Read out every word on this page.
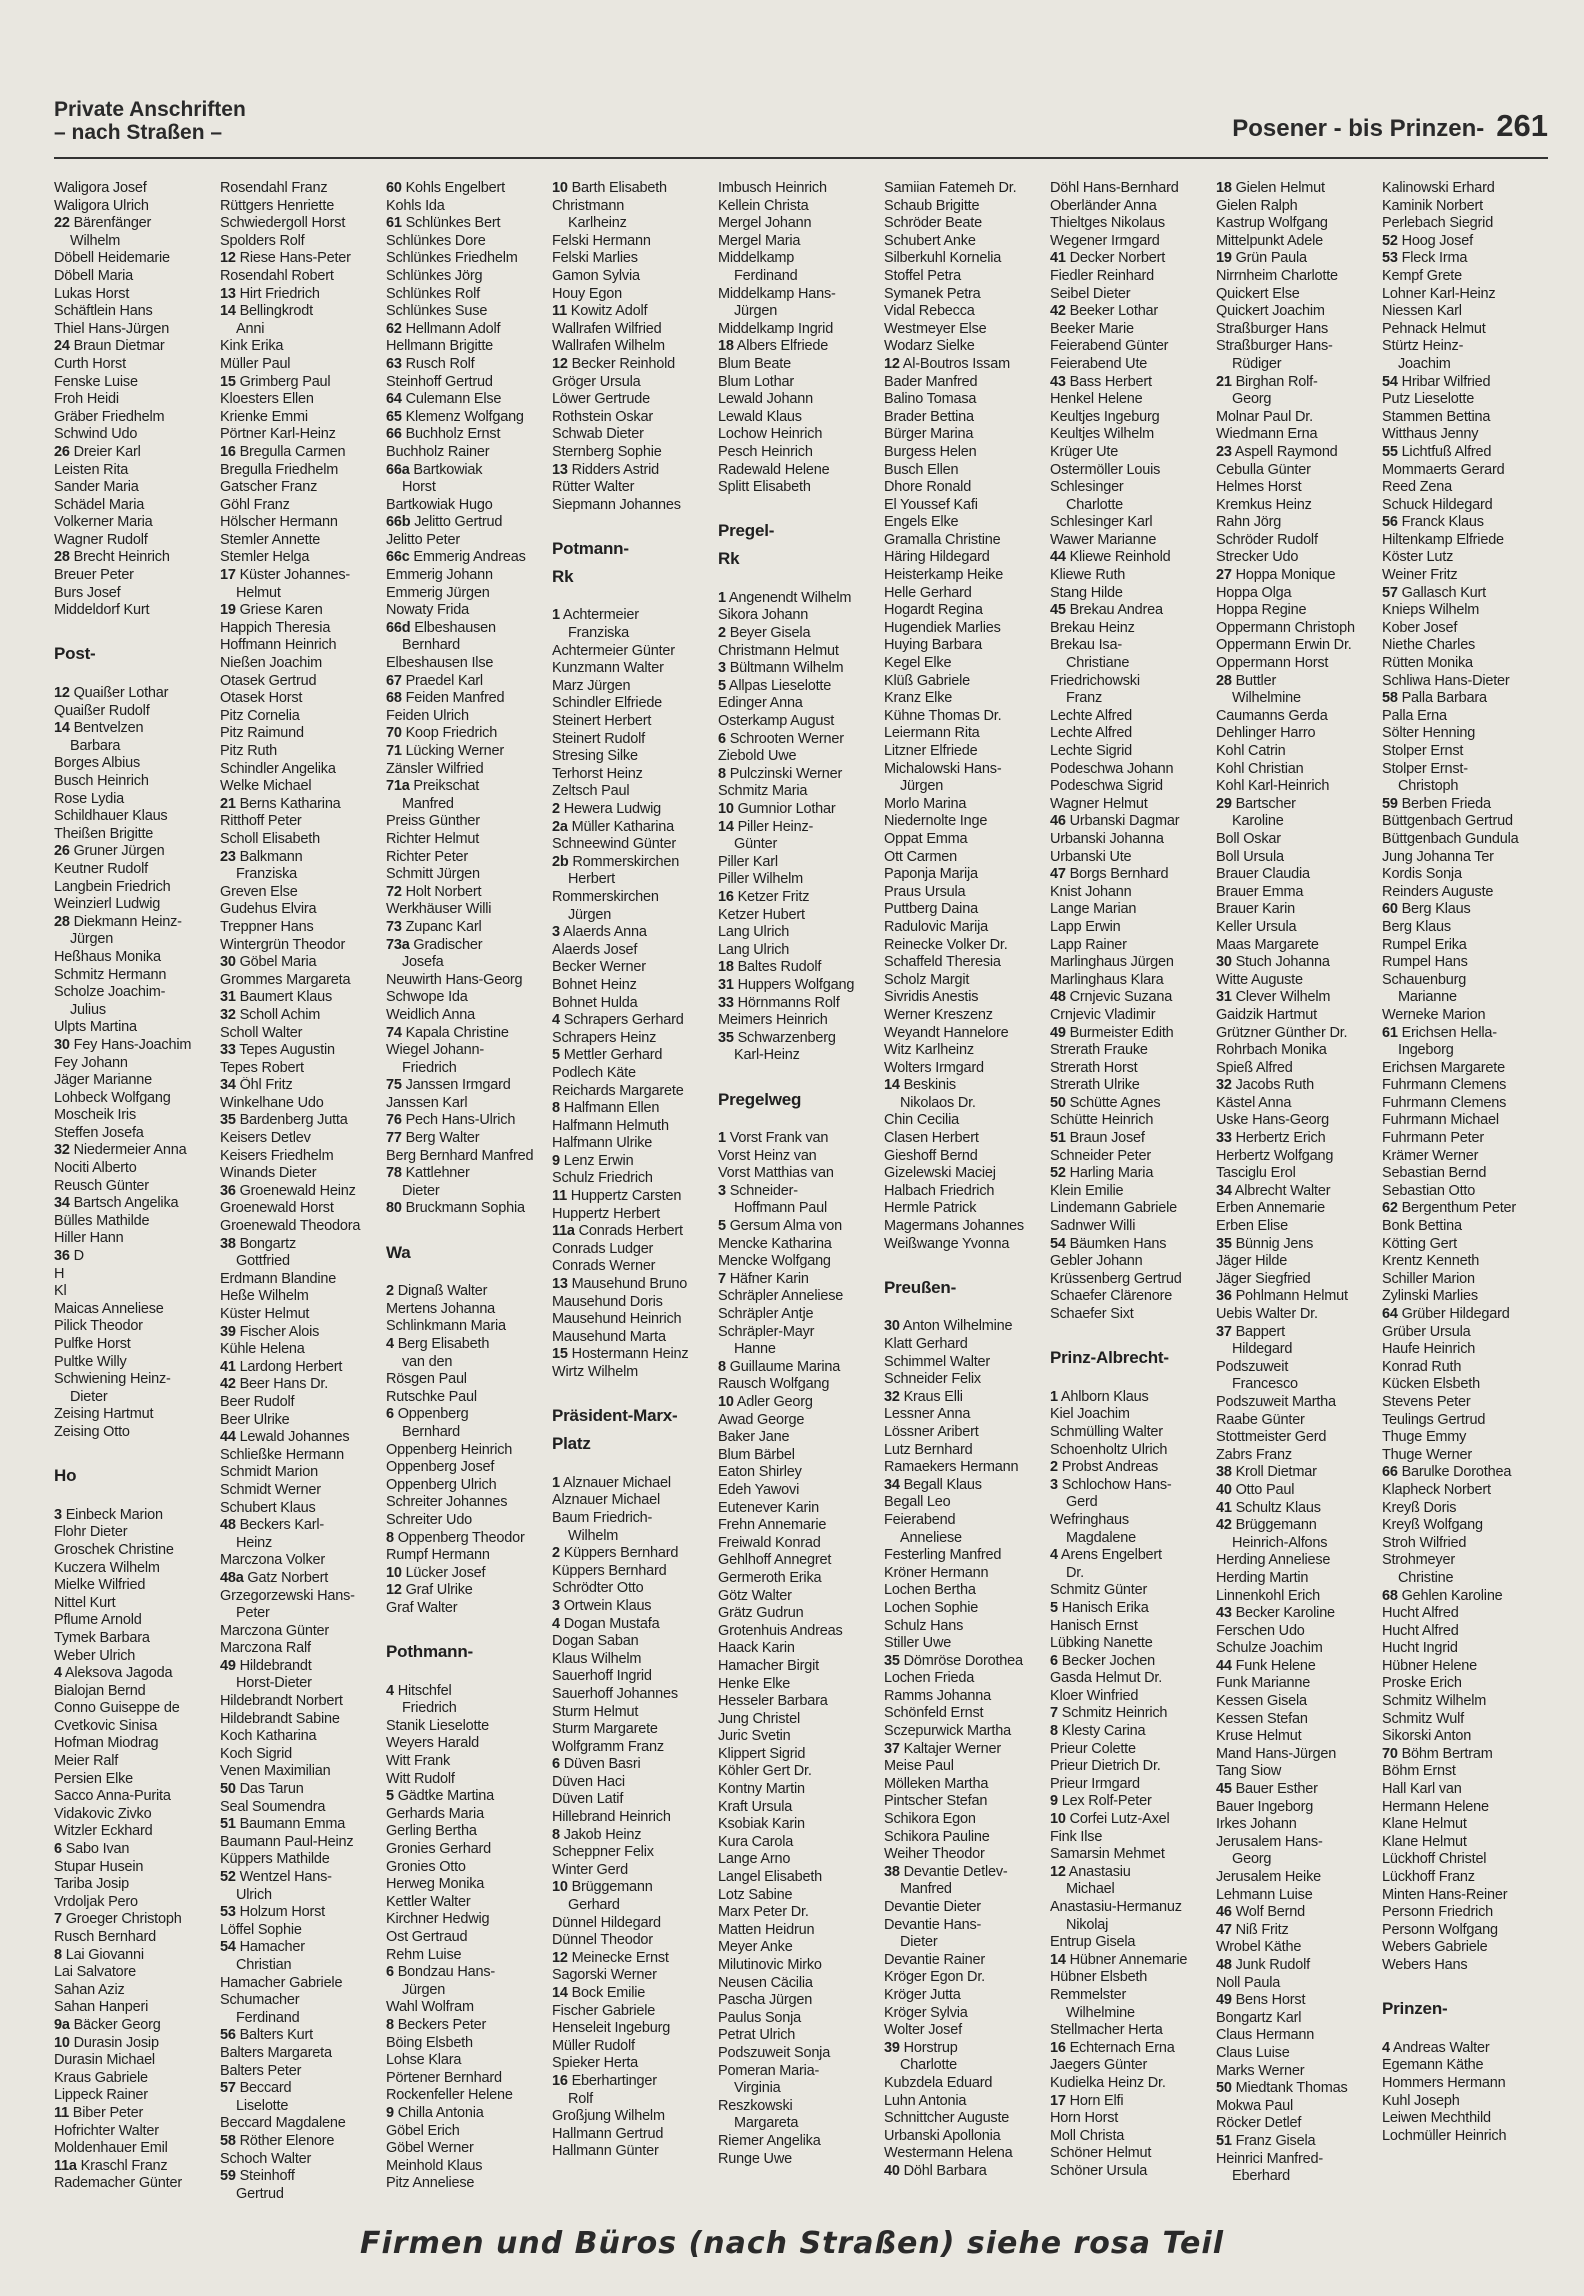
Private Anschriften
– nach Straßen –	Posener - bis Prinzen- 261
Waligora Josef
Waligora Ulrich
22 Bärenfänger
Wilhelm
Döbell Heidemarie
Döbell Maria
Lukas Horst
Schäftlein Hans
Thiel Hans-Jürgen
24 Braun Dietmar
Curth Horst
Fenske Luise
Froh Heidi
Gräber Friedhelm
Schwind Udo
26 Dreier Karl
Leisten Rita
Sander Maria
Schädel Maria
Volkerner Maria
Wagner Rudolf
28 Brecht Heinrich
Breuer Peter
Burs Josef
Middeldorf Kurt
Post-
12 Quaißer Lothar
Quaißer Rudolf
14 Bentvelzen
Barbara
Borges Albius
Busch Heinrich
Rose Lydia
Schildhauer Klaus
Theißen Brigitte
26 Gruner Jürgen
Keutner Rudolf
Langbein Friedrich
Weinzierl Ludwig
28 Diekmann Heinz-
Jürgen
Heßhaus Monika
Schmitz Hermann
Scholze Joachim-
Julius
Ulpts Martina
30 Fey Hans-Joachim
Fey Johann
Jäger Marianne
Lohbeck Wolfgang
Moscheik Iris
Steffen Josefa
32 Niedermeier Anna
Nociti Alberto
Reusch Günter
34 Bartsch Angelika
Bülles Mathilde
Hiller Hann
36 D
H
Kl
Maicas Anneliese
Pilick Theodor
Pulfke Horst
Pultke Willy
Schwiening Heinz-
Dieter
Zeising Hartmut
Zeising Otto
Ho
3 Einbeck Marion
Flohr Dieter
Groschek Christine
Kuczera Wilhelm
Mielke Wilfried
Nittel Kurt
Pflume Arnold
Tymek Barbara
Weber Ulrich
4 Aleksova Jagoda
Bialojan Bernd
Conno Guiseppe de
Cvetkovic Sinisa
Hofman Miodrag
Meier Ralf
Persien Elke
Sacco Anna-Purita
Vidakovic Zivko
Witzler Eckhard
6 Sabo Ivan
Stupar Husein
Tariba Josip
Vrdoljak Pero
7 Groeger Christoph
Rusch Bernhard
8 Lai Giovanni
Lai Salvatore
Sahan Aziz
Sahan Hanperi
9a Bäcker Georg
10 Durasin Josip
Durasin Michael
Kraus Gabriele
Lippeck Rainer
11 Biber Peter
Hofrichter Walter
Moldenhauer Emil
11a Kraschl Franz
Rademacher Günter
Rosendahl Franz
Rüttgers Henriette
Schwiedergoll Horst
Spolders Rolf
12 Riese Hans-Peter
Rosendahl Robert
13 Hirt Friedrich
14 Bellingkrodt
Anni
Kink Erika
Müller Paul
15 Grimberg Paul
Kloesters Ellen
Krienke Emmi
Pörtner Karl-Heinz
16 Bregulla Carmen
Bregulla Friedhelm
Gatscher Franz
Göhl Franz
Hölscher Hermann
Stemler Annette
Stemler Helga
17 Küster Johannes-
Helmut
19 Griese Karen
Happich Theresia
Hoffmann Heinrich
Nießen Joachim
Otasek Gertrud
Otasek Horst
Pitz Cornelia
Pitz Raimund
Pitz Ruth
Schindler Angelika
Welke Michael
21 Berns Katharina
Ritthoff Peter
Scholl Elisabeth
23 Balkmann
Franziska
Greven Else
Gudehus Elvira
Treppner Hans
Wintergrün Theodor
30 Göbel Maria
Grommes Margareta
31 Baumert Klaus
32 Scholl Achim
Scholl Walter
33 Tepes Augustin
Tepes Robert
34 Öhl Fritz
Winkelhane Udo
35 Bardenberg Jutta
Keisers Detlev
Keisers Friedhelm
Winands Dieter
36 Groenewald Heinz
Groenewald Horst
Groenewald Theodora
38 Bongartz
Gottfried
Erdmann Blandine
Heße Wilhelm
Küster Helmut
39 Fischer Alois
Kühle Helena
41 Lardong Herbert
42 Beer Hans Dr.
Beer Rudolf
Beer Ulrike
44 Lewald Johannes
Schließke Hermann
Schmidt Marion
Schmidt Werner
Schubert Klaus
48 Beckers Karl-
Heinz
Marczona Volker
48a Gatz Norbert
Grzegorzewski Hans-
Peter
Marczona Günter
Marczona Ralf
49 Hildebrandt
Horst-Dieter
Hildebrandt Norbert
Hildebrandt Sabine
Koch Katharina
Koch Sigrid
Venen Maximilian
50 Das Tarun
Seal Soumendra
51 Baumann Emma
Baumann Paul-Heinz
Küppers Mathilde
52 Wentzel Hans-
Ulrich
53 Holzum Horst
Löffel Sophie
54 Hamacher
Christian
Hamacher Gabriele
Schumacher
Ferdinand
56 Balters Kurt
Balters Margareta
Balters Peter
57 Beccard
Liselotte
Beccard Magdalene
58 Röther Elenore
Schoch Walter
59 Steinhoff
Gertrud
60 Kohls Engelbert
Kohls Ida
61 Schlünkes Bert
Schlünkes Dore
Schlünkes Friedhelm
Schlünkes Jörg
Schlünkes Rolf
Schlünkes Suse
62 Hellmann Adolf
Hellmann Brigitte
63 Rusch Rolf
Steinhoff Gertrud
64 Culemann Else
65 Klemenz Wolfgang
66 Buchholz Ernst
Buchholz Rainer
66a Bartkowiak
Horst
Bartkowiak Hugo
66b Jelitto Gertrud
Jelitto Peter
66c Emmerig Andreas
Emmerig Johann
Emmerig Jürgen
Nowaty Frida
66d Elbeshausen
Bernhard
Elbeshausen Ilse
67 Praedel Karl
68 Feiden Manfred
Feiden Ulrich
70 Koop Friedrich
71 Lücking Werner
Zänsler Wilfried
71a Preikschat
Manfred
Preiss Günther
Richter Helmut
Richter Peter
Schmitt Jürgen
72 Holt Norbert
Werkhäuser Willi
73 Zupanc Karl
73a Gradischer
Josefa
Neuwirth Hans-Georg
Schwope Ida
Weidlich Anna
74 Kapala Christine
Wiegel Johann-
Friedrich
75 Janssen Irmgard
Janssen Karl
76 Pech Hans-Ulrich
77 Berg Walter
Berg Bernhard Manfred
78 Kattlehner
Dieter
80 Bruckmann Sophia
Wa
2 Dignaß Walter
Mertens Johanna
Schlinkmann Maria
4 Berg Elisabeth
van den
Rösgen Paul
Rutschke Paul
6 Oppenberg
Bernhard
Oppenberg Heinrich
Oppenberg Josef
Oppenberg Ulrich
Schreiter Johannes
Schreiter Udo
8 Oppenberg Theodor
Rumpf Hermann
10 Lücker Josef
12 Graf Ulrike
Graf Walter
Pothmann-
4 Hitschfel
Friedrich
Stanik Lieselotte
Weyers Harald
Witt Frank
Witt Rudolf
5 Gädtke Martina
Gerhards Maria
Gerling Bertha
Gronies Gerhard
Gronies Otto
Herweg Monika
Kettler Walter
Kirchner Hedwig
Ost Gertraud
Rehm Luise
6 Bondzau Hans-
Jürgen
Wahl Wolfram
8 Beckers Peter
Böing Elsbeth
Lohse Klara
Pörtener Bernhard
Rockenfeller Helene
9 Chilla Antonia
Göbel Erich
Göbel Werner
Meinhold Klaus
Pitz Anneliese
10 Barth Elisabeth
Christmann
Karlheinz
Felski Hermann
Felski Marlies
Gamon Sylvia
Houy Egon
11 Kowitz Adolf
Wallrafen Wilfried
Wallrafen Wilhelm
12 Becker Reinhold
Gröger Ursula
Löwer Gertrude
Rothstein Oskar
Schwab Dieter
Sternberg Sophie
13 Ridders Astrid
Rütter Walter
Siepmann Johannes
Potmann-
Rk
1 Achtermeier
Franziska
Achtermeier Günter
Kunzmann Walter
Marz Jürgen
Schindler Elfriede
Steinert Herbert
Steinert Rudolf
Stresing Silke
Terhorst Heinz
Zeltsch Paul
2 Hewera Ludwig
2a Müller Katharina
Schneewind Günter
2b Rommerskirchen
Herbert
Rommerskirchen
Jürgen
3 Alaerds Anna
Alaerds Josef
Becker Werner
Bohnet Heinz
Bohnet Hulda
4 Schrapers Gerhard
Schrapers Heinz
5 Mettler Gerhard
Podlech Käte
Reichards Margarete
8 Halfmann Ellen
Halfmann Helmuth
Halfmann Ulrike
9 Lenz Erwin
Schulz Friedrich
11 Huppertz Carsten
Huppertz Herbert
11a Conrads Herbert
Conrads Ludger
Conrads Werner
13 Mausehund Bruno
Mausehund Doris
Mausehund Heinrich
Mausehund Marta
15 Hostermann Heinz
Wirtz Wilhelm
Präsident-Marx-
Platz
1 Alznauer Michael
Alznauer Michael
Baum Friedrich-
Wilhelm
2 Küppers Bernhard
Küppers Bernhard
Schrödter Otto
3 Ortwein Klaus
4 Dogan Mustafa
Dogan Saban
Klaus Wilhelm
Sauerhoff Ingrid
Sauerhoff Johannes
Sturm Helmut
Sturm Margarete
Wolfgramm Franz
6 Düven Basri
Düven Haci
Düven Latif
Hillebrand Heinrich
8 Jakob Heinz
Scheppner Felix
Winter Gerd
10 Brüggemann
Gerhard
Dünnel Hildegard
Dünnel Theodor
12 Meinecke Ernst
Sagorski Werner
14 Bock Emilie
Fischer Gabriele
Henseleit Ingeburg
Müller Rudolf
Spieker Herta
16 Eberhartinger
Rolf
Großjung Wilhelm
Hallmann Gertrud
Hallmann Günter
Imbusch Heinrich
Kellein Christa
Mergel Johann
Mergel Maria
Middelkamp
Ferdinand
Middelkamp Hans-
Jürgen
Middelkamp Ingrid
18 Albers Elfriede
Blum Beate
Blum Lothar
Lewald Johann
Lewald Klaus
Lochow Heinrich
Pesch Heinrich
Radewald Helene
Splitt Elisabeth
Pregel-
Rk
1 Angenendt Wilhelm
Sikora Johann
2 Beyer Gisela
Christmann Helmut
3 Bültmann Wilhelm
5 Allpas Lieselotte
Edinger Anna
Osterkamp August
6 Schrooten Werner
Ziebold Uwe
8 Pulczinski Werner
Schmitz Maria
10 Gumnior Lothar
14 Piller Heinz-
Günter
Piller Karl
Piller Wilhelm
16 Ketzer Fritz
Ketzer Hubert
Lang Ulrich
Lang Ulrich
18 Baltes Rudolf
31 Huppers Wolfgang
33 Hörnmanns Rolf
Meimers Heinrich
35 Schwarzenberg
Karl-Heinz
Pregelweg
1 Vorst Frank van
Vorst Heinz van
Vorst Matthias van
3 Schneider-
Hoffmann Paul
5 Gersum Alma von
Mencke Katharina
Mencke Wolfgang
7 Häfner Karin
Schräpler Anneliese
Schräpler Antje
Schräpler-Mayr
Hanne
8 Guillaume Marina
Rausch Wolfgang
10 Adler Georg
Awad George
Baker Jane
Blum Bärbel
Eaton Shirley
Edeh Yawovi
Eutenever Karin
Frehn Annemarie
Freiwald Konrad
Gehlhoff Annegret
Germeroth Erika
Götz Walter
Grätz Gudrun
Grotenhuis Andreas
Haack Karin
Hamacher Birgit
Henke Elke
Hesseler Barbara
Jung Christel
Juric Svetin
Klippert Sigrid
Köhler Gert Dr.
Kontny Martin
Kraft Ursula
Ksobiak Karin
Kura Carola
Lange Arno
Langel Elisabeth
Lotz Sabine
Marx Peter Dr.
Matten Heidrun
Meyer Anke
Milutinovic Mirko
Neusen Cäcilia
Pascha Jürgen
Paulus Sonja
Petrat Ulrich
Podszuweit Sonja
Pomeran Maria-
Virginia
Reszkowski
Margareta
Riemer Angelika
Runge Uwe
Samiian Fatemeh Dr.
Schaub Brigitte
Schröder Beate
Schubert Anke
Silberkuhl Kornelia
Stoffel Petra
Symanek Petra
Vidal Rebecca
Westmeyer Else
Wodarz Sielke
12 Al-Boutros Issam
Bader Manfred
Balino Tomasa
Brader Bettina
Bürger Marina
Burgess Helen
Busch Ellen
Dhore Ronald
El Youssef Kafi
Engels Elke
Gramalla Christine
Häring Hildegard
Heisterkamp Heike
Helle Gerhard
Hogardt Regina
Hugendiek Marlies
Huying Barbara
Kegel Elke
Klüß Gabriele
Kranz Elke
Kühne Thomas Dr.
Leiermann Rita
Litzner Elfriede
Michalowski Hans-
Jürgen
Morlo Marina
Niedernolte Inge
Oppat Emma
Ott Carmen
Paponja Marija
Praus Ursula
Puttberg Daina
Radulovic Marija
Reinecke Volker Dr.
Schaffeld Theresia
Scholz Margit
Sivridis Anestis
Werner Kreszenz
Weyandt Hannelore
Witz Karlheinz
Wolters Irmgard
14 Beskinis
Nikolaos Dr.
Chin Cecilia
Clasen Herbert
Gieshoff Bernd
Gizelewski Maciej
Halbach Friedrich
Hermle Patrick
Magermans Johannes
Weißwange Yvonna
Preußen-
30 Anton Wilhelmine
Klatt Gerhard
Schimmel Walter
Schneider Felix
32 Kraus Elli
Lessner Anna
Lössner Aribert
Lutz Bernhard
Ramaekers Hermann
34 Begall Klaus
Begall Leo
Feierabend
Anneliese
Festerling Manfred
Kröner Hermann
Lochen Bertha
Lochen Sophie
Schulz Hans
Stiller Uwe
35 Dömröse Dorothea
Lochen Frieda
Ramms Johanna
Schönfeld Ernst
Sczepurwick Martha
37 Kaltajer Werner
Meise Paul
Mölleken Martha
Pintscher Stefan
Schikora Egon
Schikora Pauline
Weiher Theodor
38 Devantie Detlev-
Manfred
Devantie Dieter
Devantie Hans-
Dieter
Devantie Rainer
Kröger Egon Dr.
Kröger Jutta
Kröger Sylvia
Wolter Josef
39 Horstrup
Charlotte
Kubzdela Eduard
Luhn Antonia
Schnittcher Auguste
Urbanski Apollonia
Westermann Helena
40 Döhl Barbara
Döhl Hans-Bernhard
Oberländer Anna
Thieltges Nikolaus
Wegener Irmgard
41 Decker Norbert
Fiedler Reinhard
Seibel Dieter
42 Beeker Lothar
Beeker Marie
Feierabend Günter
Feierabend Ute
43 Bass Herbert
Henkel Helene
Keultjes Ingeburg
Keultjes Wilhelm
Krüger Ute
Ostermöller Louis
Schlesinger
Charlotte
Schlesinger Karl
Wawer Marianne
44 Kliewe Reinhold
Kliewe Ruth
Stang Hilde
45 Brekau Andrea
Brekau Heinz
Brekau Isa-
Christiane
Friedrichowski
Franz
Lechte Alfred
Lechte Alfred
Lechte Sigrid
Podeschwa Johann
Podeschwa Sigrid
Wagner Helmut
46 Urbanski Dagmar
Urbanski Johanna
Urbanski Ute
47 Borgs Bernhard
Knist Johann
Lange Marian
Lapp Erwin
Lapp Rainer
Marlinghaus Jürgen
Marlinghaus Klara
48 Crnjevic Suzana
Crnjevic Vladimir
49 Burmeister Edith
Strerath Frauke
Strerath Horst
Strerath Ulrike
50 Schütte Agnes
Schütte Heinrich
51 Braun Josef
Schneider Peter
52 Harling Maria
Klein Emilie
Lindemann Gabriele
Sadnwer Willi
54 Bäumken Hans
Gebler Johann
Krüssenberg Gertrud
Schaefer Clärenore
Schaefer Sixt
Prinz-Albrecht-
1 Ahlborn Klaus
Kiel Joachim
Schmülling Walter
Schoenholtz Ulrich
2 Probst Andreas
3 Schlochow Hans-
Gerd
Wefringhaus
Magdalene
4 Arens Engelbert
Dr.
Schmitz Günter
5 Hanisch Erika
Hanisch Ernst
Lübking Nanette
6 Becker Jochen
Gasda Helmut Dr.
Kloer Winfried
7 Schmitz Heinrich
8 Klesty Carina
Prieur Colette
Prieur Dietrich Dr.
Prieur Irmgard
9 Lex Rolf-Peter
10 Corfei Lutz-Axel
Fink Ilse
Samarsin Mehmet
12 Anastasiu
Michael
Anastasiu-Hermanuz
Nikolaj
Entrup Gisela
14 Hübner Annemarie
Hübner Elsbeth
Remmelster
Wilhelmine
Stellmacher Herta
16 Echternach Erna
Jaegers Günter
Kudielka Heinz Dr.
17 Horn Elfi
Horn Horst
Moll Christa
Schöner Helmut
Schöner Ursula
18 Gielen Helmut
Gielen Ralph
Kastrup Wolfgang
Mittelpunkt Adele
19 Grün Paula
Nirrnheim Charlotte
Quickert Else
Quickert Joachim
Straßburger Hans
Straßburger Hans-
Rüdiger
21 Birghan Rolf-
Georg
Molnar Paul Dr.
Wiedmann Erna
23 Aspell Raymond
Cebulla Günter
Helmes Horst
Kremkus Heinz
Rahn Jörg
Schröder Rudolf
Strecker Udo
27 Hoppa Monique
Hoppa Olga
Hoppa Regine
Oppermann Christoph
Oppermann Erwin Dr.
Oppermann Horst
28 Buttler
Wilhelmine
Caumanns Gerda
Dehlinger Harro
Kohl Catrin
Kohl Christian
Kohl Karl-Heinrich
29 Bartscher
Karoline
Boll Oskar
Boll Ursula
Brauer Claudia
Brauer Emma
Brauer Karin
Keller Ursula
Maas Margarete
30 Stuch Johanna
Witte Auguste
31 Clever Wilhelm
Gaidzik Hartmut
Grützner Günther Dr.
Rohrbach Monika
Spieß Alfred
32 Jacobs Ruth
Kästel Anna
Uske Hans-Georg
33 Herbertz Erich
Herbertz Wolfgang
Tasciglu Erol
34 Albrecht Walter
Erben Annemarie
Erben Elise
35 Bünnig Jens
Jäger Hilde
Jäger Siegfried
36 Pohlmann Helmut
Uebis Walter Dr.
37 Bappert
Hildegard
Podszuweit
Francesco
Podszuweit Martha
Raabe Günter
Stottmeister Gerd
Zabrs Franz
38 Kroll Dietmar
40 Otto Paul
41 Schultz Klaus
42 Brüggemann
Heinrich-Alfons
Herding Anneliese
Herding Martin
Linnenkohl Erich
43 Becker Karoline
Ferschen Udo
Schulze Joachim
44 Funk Helene
Funk Marianne
Kessen Gisela
Kessen Stefan
Kruse Helmut
Mand Hans-Jürgen
Tang Siow
45 Bauer Esther
Bauer Ingeborg
Irkes Johann
Jerusalem Hans-
Georg
Jerusalem Heike
Lehmann Luise
46 Wolf Bernd
47 Niß Fritz
Wrobel Käthe
48 Junk Rudolf
Noll Paula
49 Bens Horst
Bongartz Karl
Claus Hermann
Claus Luise
Marks Werner
50 Miedtank Thomas
Mokwa Paul
Röcker Detlef
51 Franz Gisela
Heinrici Manfred-
Eberhard
Kalinowski Erhard
Kaminik Norbert
Perlebach Siegrid
52 Hoog Josef
53 Fleck Irma
Kempf Grete
Lohner Karl-Heinz
Niessen Karl
Pehnack Helmut
Stürtz Heinz-
Joachim
54 Hribar Wilfried
Putz Lieselotte
Stammen Bettina
Witthaus Jenny
55 Lichtfuß Alfred
Mommaerts Gerard
Reed Zena
Schuck Hildegard
56 Franck Klaus
Hiltenkamp Elfriede
Köster Lutz
Weiner Fritz
57 Gallasch Kurt
Knieps Wilhelm
Kober Josef
Niethe Charles
Rütten Monika
Schliwa Hans-Dieter
58 Palla Barbara
Palla Erna
Sölter Henning
Stolper Ernst
Stolper Ernst-
Christoph
59 Berben Frieda
Büttgenbach Gertrud
Büttgenbach Gundula
Jung Johanna Ter
Kordis Sonja
Reinders Auguste
60 Berg Klaus
Berg Klaus
Rumpel Erika
Rumpel Hans
Schauenburg
Marianne
Werneke Marion
61 Erichsen Hella-
Ingeborg
Erichsen Margarete
Fuhrmann Clemens
Fuhrmann Clemens
Fuhrmann Michael
Fuhrmann Peter
Krämer Werner
Sebastian Bernd
Sebastian Otto
62 Bergenthum Peter
Bonk Bettina
Kötting Gert
Krentz Kenneth
Schiller Marion
Zylinski Marlies
64 Grüber Hildegard
Grüber Ursula
Haufe Heinrich
Konrad Ruth
Kücken Elsbeth
Stevens Peter
Teulings Gertrud
Thuge Emmy
Thuge Werner
66 Barulke Dorothea
Klapheck Norbert
Kreyß Doris
Kreyß Wolfgang
Stroh Wilfried
Strohmeyer
Christine
68 Gehlen Karoline
Hucht Alfred
Hucht Alfred
Hucht Ingrid
Hübner Helene
Proske Erich
Schmitz Wilhelm
Schmitz Wulf
Sikorski Anton
70 Böhm Bertram
Böhm Ernst
Hall Karl van
Hermann Helene
Klane Helmut
Klane Helmut
Lückhoff Christel
Lückhoff Franz
Minten Hans-Reiner
Personn Friedrich
Personn Wolfgang
Webers Gabriele
Webers Hans
Prinzen-
4 Andreas Walter
Egemann Käthe
Hommers Hermann
Kuhl Joseph
Leiwen Mechthild
Lochmüller Heinrich
Firmen und Büros (nach Straßen) siehe rosa Teil
